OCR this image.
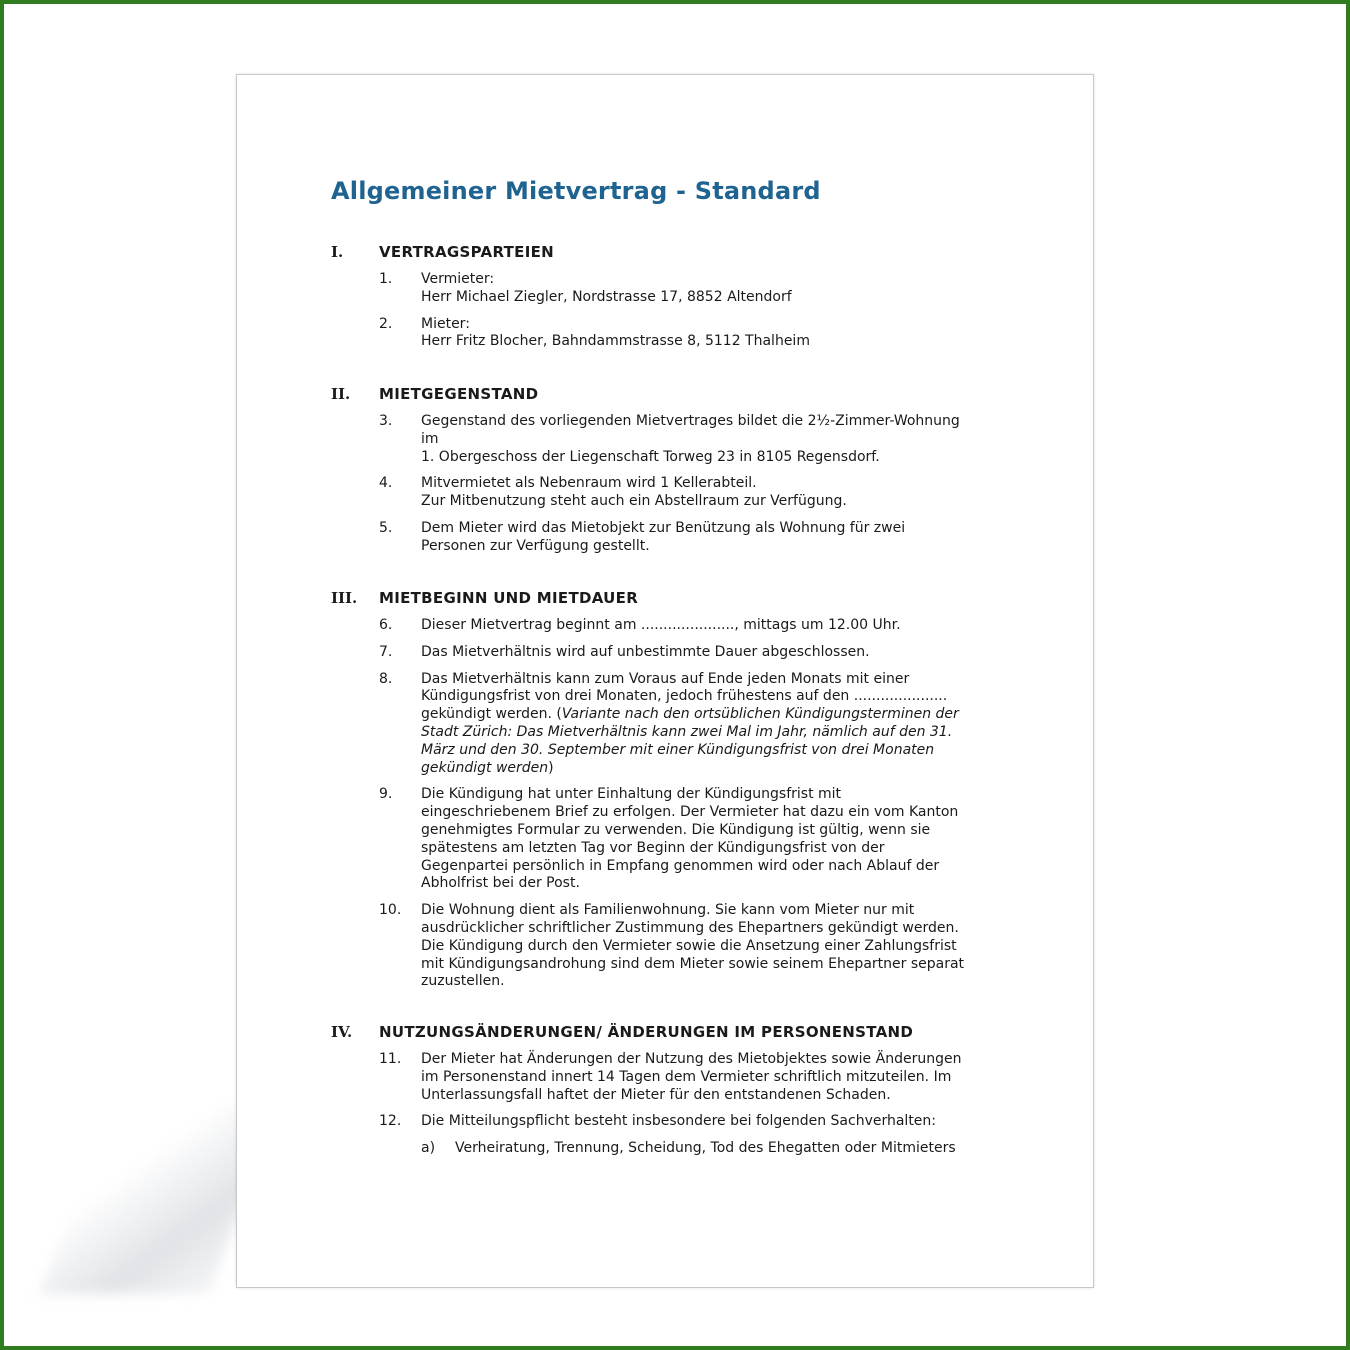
Allgemeiner Mietvertrag - Standard
I. VERTRAGSPARTEIEN
1. Vermieter:
Herr Michael Ziegler, Nordstrasse 17, 8852 Altendorf
2. Mieter:
Herr Fritz Blocher, Bahndammstrasse 8, 5112 Thalheim
II. MIETGEGENSTAND
3. Gegenstand des vorliegenden Mietvertrages bildet die 2½-Zimmer-Wohnung
im
1. Obergeschoss der Liegenschaft Torweg 23 in 8105 Regensdorf.
4. Mitvermietet als Nebenraum wird 1 Kellerabteil.
Zur Mitbenutzung steht auch ein Abstellraum zur Verfügung.
5. Dem Mieter wird das Mietobjekt zur Benützung als Wohnung für zwei
Personen zur Verfügung gestellt.
III. MIETBEGINN UND MIETDAUER
6. Dieser Mietvertrag beginnt am ....................., mittags um 12.00 Uhr.
7. Das Mietverhältnis wird auf unbestimmte Dauer abgeschlossen.
8. Das Mietverhältnis kann zum Voraus auf Ende jeden Monats mit einer
Kündigungsfrist von drei Monaten, jedoch frühestens auf den .....................
gekündigt werden. (Variante nach den ortsüblichen Kündigungsterminen der
Stadt Zürich: Das Mietverhältnis kann zwei Mal im Jahr, nämlich auf den 31.
März und den 30. September mit einer Kündigungsfrist von drei Monaten
gekündigt werden)
9. Die Kündigung hat unter Einhaltung der Kündigungsfrist mit
eingeschriebenem Brief zu erfolgen. Der Vermieter hat dazu ein vom Kanton
genehmigtes Formular zu verwenden. Die Kündigung ist gültig, wenn sie
spätestens am letzten Tag vor Beginn der Kündigungsfrist von der
Gegenpartei persönlich in Empfang genommen wird oder nach Ablauf der
Abholfrist bei der Post.
10. Die Wohnung dient als Familienwohnung. Sie kann vom Mieter nur mit
ausdrücklicher schriftlicher Zustimmung des Ehepartners gekündigt werden.
Die Kündigung durch den Vermieter sowie die Ansetzung einer Zahlungsfrist
mit Kündigungsandrohung sind dem Mieter sowie seinem Ehepartner separat
zuzustellen.
IV. NUTZUNGSÄNDERUNGEN/ ÄNDERUNGEN IM PERSONENSTAND
11. Der Mieter hat Änderungen der Nutzung des Mietobjektes sowie Änderungen
im Personenstand innert 14 Tagen dem Vermieter schriftlich mitzuteilen. Im
Unterlassungsfall haftet der Mieter für den entstandenen Schaden.
12. Die Mitteilungspflicht besteht insbesondere bei folgenden Sachverhalten:
a) Verheiratung, Trennung, Scheidung, Tod des Ehegatten oder Mitmieters
